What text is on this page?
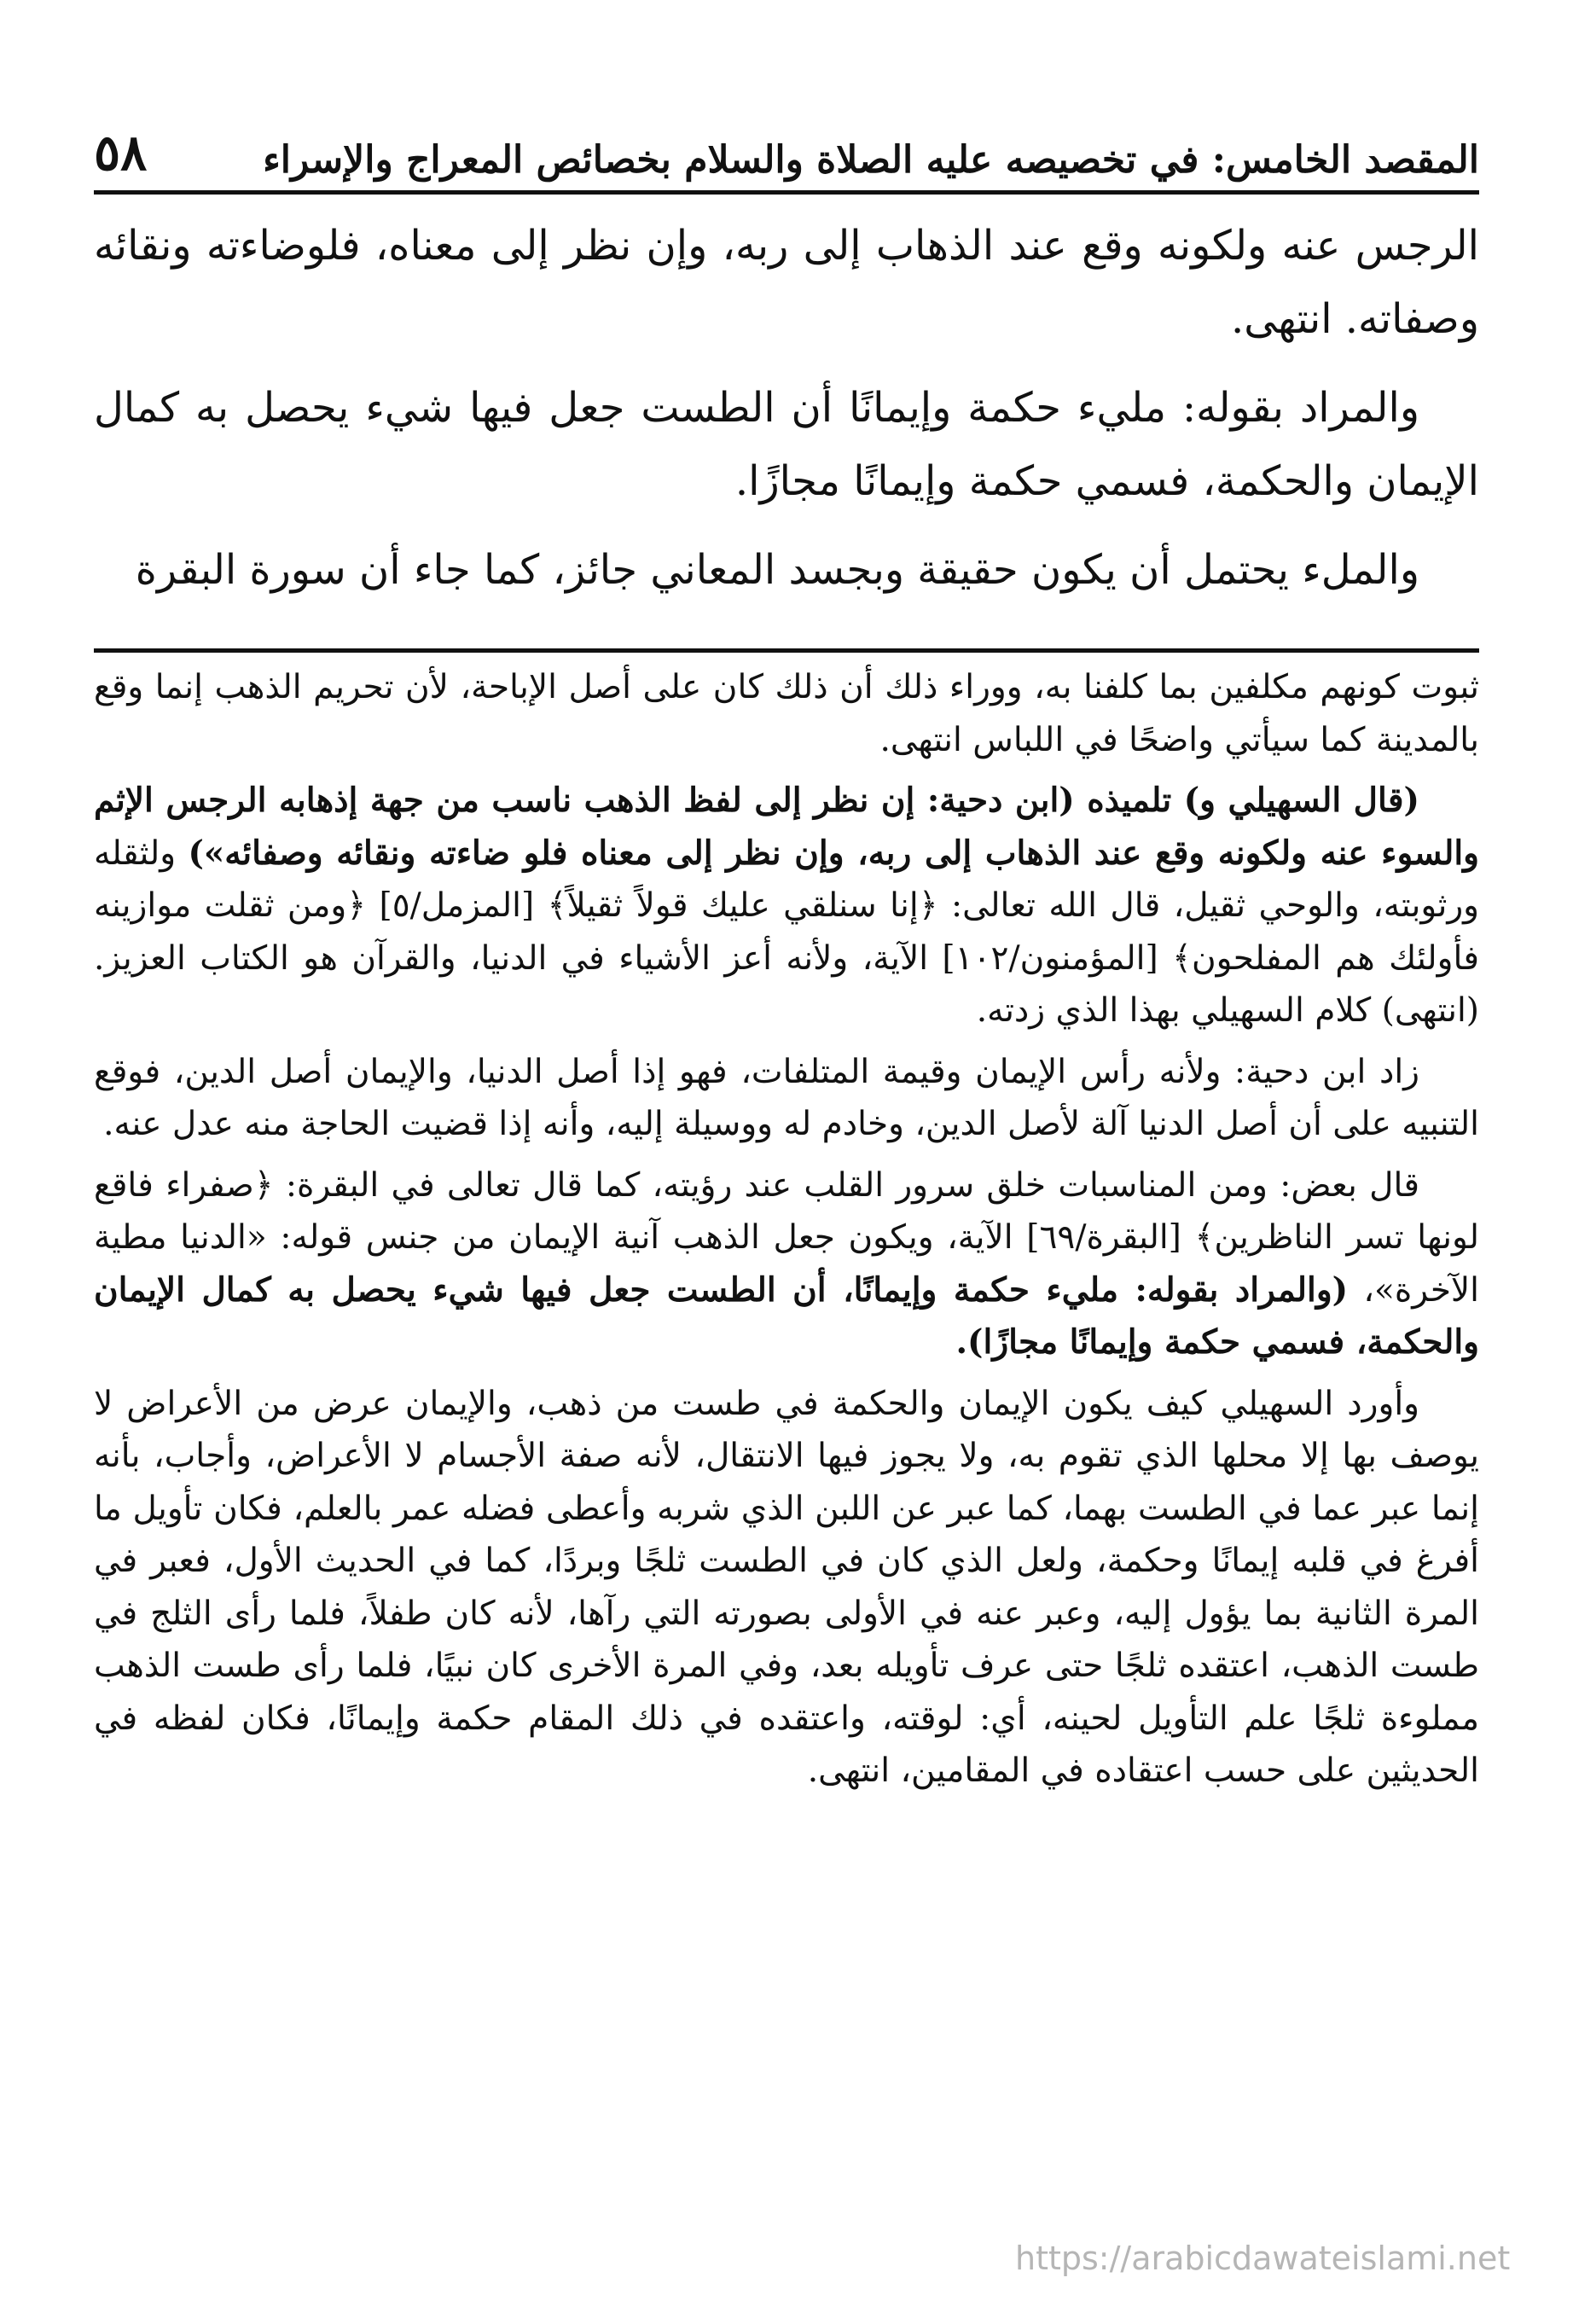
المقصد الخامس: في تخصيصه عليه الصلاة والسلام بخصائص المعراج والإسراء
٥٨

الرجس عنه ولكونه وقع عند الذهاب إلى ربه، وإن نظر إلى معناه، فلوضاءته ونقائه وصفاته. انتهى.

والمراد بقوله: مليء حكمة وإيمانًا أن الطست جعل فيها شيء يحصل به كمال الإيمان والحكمة، فسمي حكمة وإيمانًا مجازًا.

والملء يحتمل أن يكون حقيقة وبجسد المعاني جائز، كما جاء أن سورة البقرة

ثبوت كونهم مكلفين بما كلفنا به، ووراء ذلك أن ذلك كان على أصل الإباحة، لأن تحريم الذهب إنما وقع بالمدينة كما سيأتي واضحًا في اللباس انتهى.

(قال السهيلي و) تلميذه (ابن دحية: إن نظر إلى لفظ الذهب ناسب من جهة إذهابه الرجس الإثم والسوء عنه ولكونه وقع عند الذهاب إلى ربه، وإن نظر إلى معناه فلو ضاءته ونقائه وصفائه») ولثقله ورثوبته، والوحي ثقيل، قال الله تعالى: ﴿إنا سنلقي عليك قولاً ثقيلاً﴾ [المزمل/٥] ﴿ومن ثقلت موازينه فأولئك هم المفلحون﴾ [المؤمنون/١٠٢] الآية، ولأنه أعز الأشياء في الدنيا، والقرآن هو الكتاب العزيز. (انتهى) كلام السهيلي بهذا الذي زدته.

زاد ابن دحية: ولأنه رأس الإيمان وقيمة المتلفات، فهو إذا أصل الدنيا، والإيمان أصل الدين، فوقع التنبيه على أن أصل الدنيا آلة لأصل الدين، وخادم له ووسيلة إليه، وأنه إذا قضيت الحاجة منه عدل عنه.

قال بعض: ومن المناسبات خلق سرور القلب عند رؤيته، كما قال تعالى في البقرة: ﴿صفراء فاقع لونها تسر الناظرين﴾ [البقرة/٦٩] الآية، ويكون جعل الذهب آنية الإيمان من جنس قوله: «الدنيا مطية الآخرة»، (والمراد بقوله: مليء حكمة وإيمانًا، أن الطست جعل فيها شيء يحصل به كمال الإيمان والحكمة، فسمي حكمة وإيمانًا مجازًا).

وأورد السهيلي كيف يكون الإيمان والحكمة في طست من ذهب، والإيمان عرض من الأعراض لا يوصف بها إلا محلها الذي تقوم به، ولا يجوز فيها الانتقال، لأنه صفة الأجسام لا الأعراض، وأجاب، بأنه إنما عبر عما في الطست بهما، كما عبر عن اللبن الذي شربه وأعطى فضله عمر بالعلم، فكان تأويل ما أفرغ في قلبه إيمانًا وحكمة، ولعل الذي كان في الطست ثلجًا وبردًا، كما في الحديث الأول، فعبر في المرة الثانية بما يؤول إليه، وعبر عنه في الأولى بصورته التي رآها، لأنه كان طفلاً، فلما رأى الثلج في طست الذهب، اعتقده ثلجًا حتى عرف تأويله بعد، وفي المرة الأخرى كان نبيًا، فلما رأى طست الذهب مملوءة ثلجًا علم التأويل لحينه، أي: لوقته، واعتقده في ذلك المقام حكمة وإيمانًا، فكان لفظه في الحديثين على حسب اعتقاده في المقامين، انتهى.

https://arabicdawateislami.net
